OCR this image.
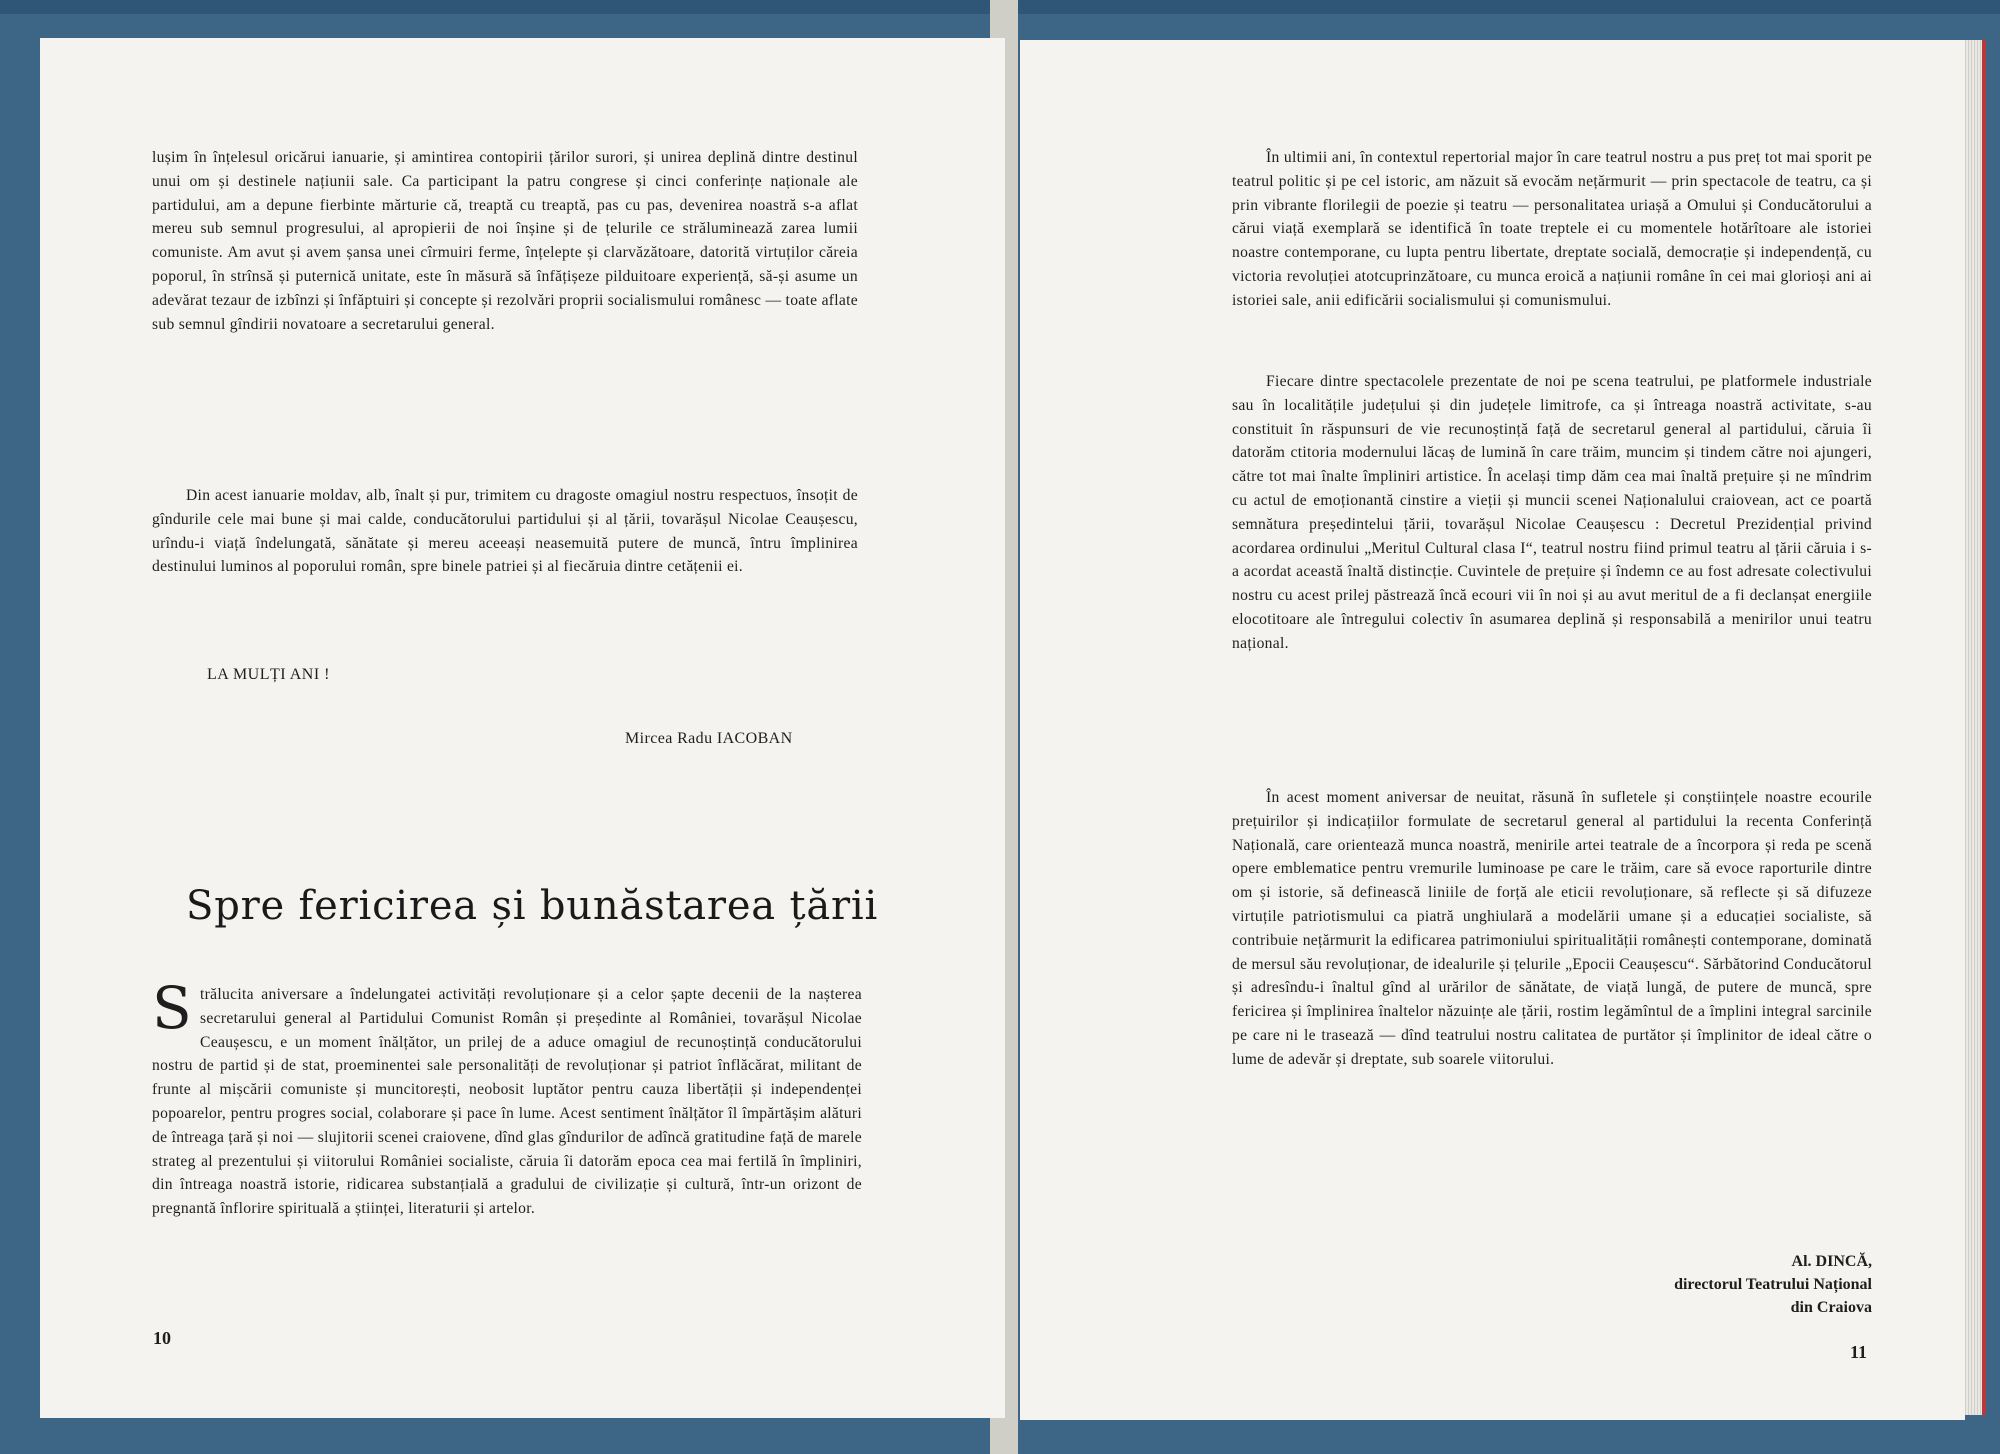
lușim în înțelesul oricărui ianuarie, și amintirea contopirii țărilor surori, și unirea deplină dintre destinul unui om și destinele națiunii sale. Ca participant la patru congrese și cinci conferințe naționale ale partidului, am a depune fierbinte mărturie că, treaptă cu treaptă, pas cu pas, devenirea noastră s-a aflat mereu sub semnul progresului, al apropierii de noi înșine și de țelurile ce străluminează zarea lumii comuniste. Am avut și avem șansa unei cîrmuiri ferme, înțelepte și clarvăzătoare, datorită virtuților căreia poporul, în strînsă și puternică unitate, este în măsură să înfățișeze pilduitoare experiență, să-și asume un adevărat tezaur de izbînzi și înfăptuiri și concepte și rezolvări proprii socialismului românesc — toate aflate sub semnul gîndirii novatoare a secretarului general.

Din acest ianuarie moldav, alb, înalt și pur, trimitem cu dragoste omagiul nostru respectuos, însoțit de gîndurile cele mai bune și mai calde, conducătorului partidului și al țării, tovarășul Nicolae Ceaușescu, urîndu-i viață îndelungată, sănătate și mereu aceeași neasemuită putere de muncă, întru împlinirea destinului luminos al poporului român, spre binele patriei și al fiecăruia dintre cetățenii ei.

LA MULȚI ANI !

Mircea Radu IACOBAN

Spre fericirea și bunăstarea țării
Strălucita aniversare a îndelungatei activități revoluționare și a celor șapte decenii de la nașterea secretarului general al Partidului Comunist Român și președinte al României, tovarășul Nicolae Ceaușescu, e un moment înălțător, un prilej de a aduce omagiul de recunoștință conducătorului nostru de partid și de stat, proeminentei sale personalități de revoluționar și patriot înflăcărat, militant de frunte al mișcării comuniste și muncitorești, neobosit luptător pentru cauza libertății și independenței popoarelor, pentru progres social, colaborare și pace în lume. Acest sentiment înălțător îl împărtășim alături de întreaga țară și noi — slujitorii scenei craiovene, dînd glas gîndurilor de adîncă gratitudine față de marele strateg al prezentului și viitorului României socialiste, căruia îi datorăm epoca cea mai fertilă în împliniri, din întreaga noastră istorie, ridicarea substanțială a gradului de civilizație și cultură, într-un orizont de pregnantă înflorire spirituală a științei, literaturii și artelor.

10

În ultimii ani, în contextul repertorial major în care teatrul nostru a pus preț tot mai sporit pe teatrul politic și pe cel istoric, am năzuit să evocăm nețărmurit — prin spectacole de teatru, ca și prin vibrante florilegii de poezie și teatru — personalitatea uriașă a Omului și Conducătorului a cărui viață exemplară se identifică în toate treptele ei cu momentele hotărîtoare ale istoriei noastre contemporane, cu lupta pentru libertate, dreptate socială, democrație și independență, cu victoria revoluției atotcuprinzătoare, cu munca eroică a națiunii române în cei mai glorioși ani ai istoriei sale, anii edificării socialismului și comunismului.

Fiecare dintre spectacolele prezentate de noi pe scena teatrului, pe platformele industriale sau în localitățile județului și din județele limitrofe, ca și întreaga noastră activitate, s-au constituit în răspunsuri de vie recunoștință față de secretarul general al partidului, căruia îi datorăm ctitoria modernului lăcaș de lumină în care trăim, muncim și tindem către noi ajungeri, către tot mai înalte împliniri artistice. În același timp dăm cea mai înaltă prețuire și ne mîndrim cu actul de emoționantă cinstire a vieții și muncii scenei Naționalului craiovean, act ce poartă semnătura președintelui țării, tovarășul Nicolae Ceaușescu : Decretul Prezidențial privind acordarea ordinului „Meritul Cultural clasa I“, teatrul nostru fiind primul teatru al țării căruia i s-a acordat această înaltă distincție. Cuvintele de prețuire și îndemn ce au fost adresate colectivului nostru cu acest prilej păstrează încă ecouri vii în noi și au avut meritul de a fi declanșat energiile elocotitoare ale întregului colectiv în asumarea deplină și responsabilă a menirilor unui teatru național.

În acest moment aniversar de neuitat, răsună în sufletele și conștiințele noastre ecourile prețuirilor și indicațiilor formulate de secretarul general al partidului la recenta Conferință Națională, care orientează munca noastră, menirile artei teatrale de a încorpora și reda pe scenă opere emblematice pentru vremurile luminoase pe care le trăim, care să evoce raporturile dintre om și istorie, să definească liniile de forță ale eticii revoluționare, să reflecte și să difuzeze virtuțile patriotismului ca piatră unghiulară a modelării umane și a educației socialiste, să contribuie nețărmurit la edificarea patrimoniului spiritualității românești contemporane, dominată de mersul său revoluționar, de idealurile și țelurile „Epocii Ceaușescu“. Sărbătorind Conducătorul și adresîndu-i înaltul gînd al urărilor de sănătate, de viață lungă, de putere de muncă, spre fericirea și împlinirea înaltelor năzuințe ale țării, rostim legămîntul de a împlini integral sarcinile pe care ni le trasează — dînd teatrului nostru calitatea de purtător și împlinitor de ideal către o lume de adevăr și dreptate, sub soarele viitorului.

Al. DINCĂ,

directorul Teatrului Național

din Craiova

11
